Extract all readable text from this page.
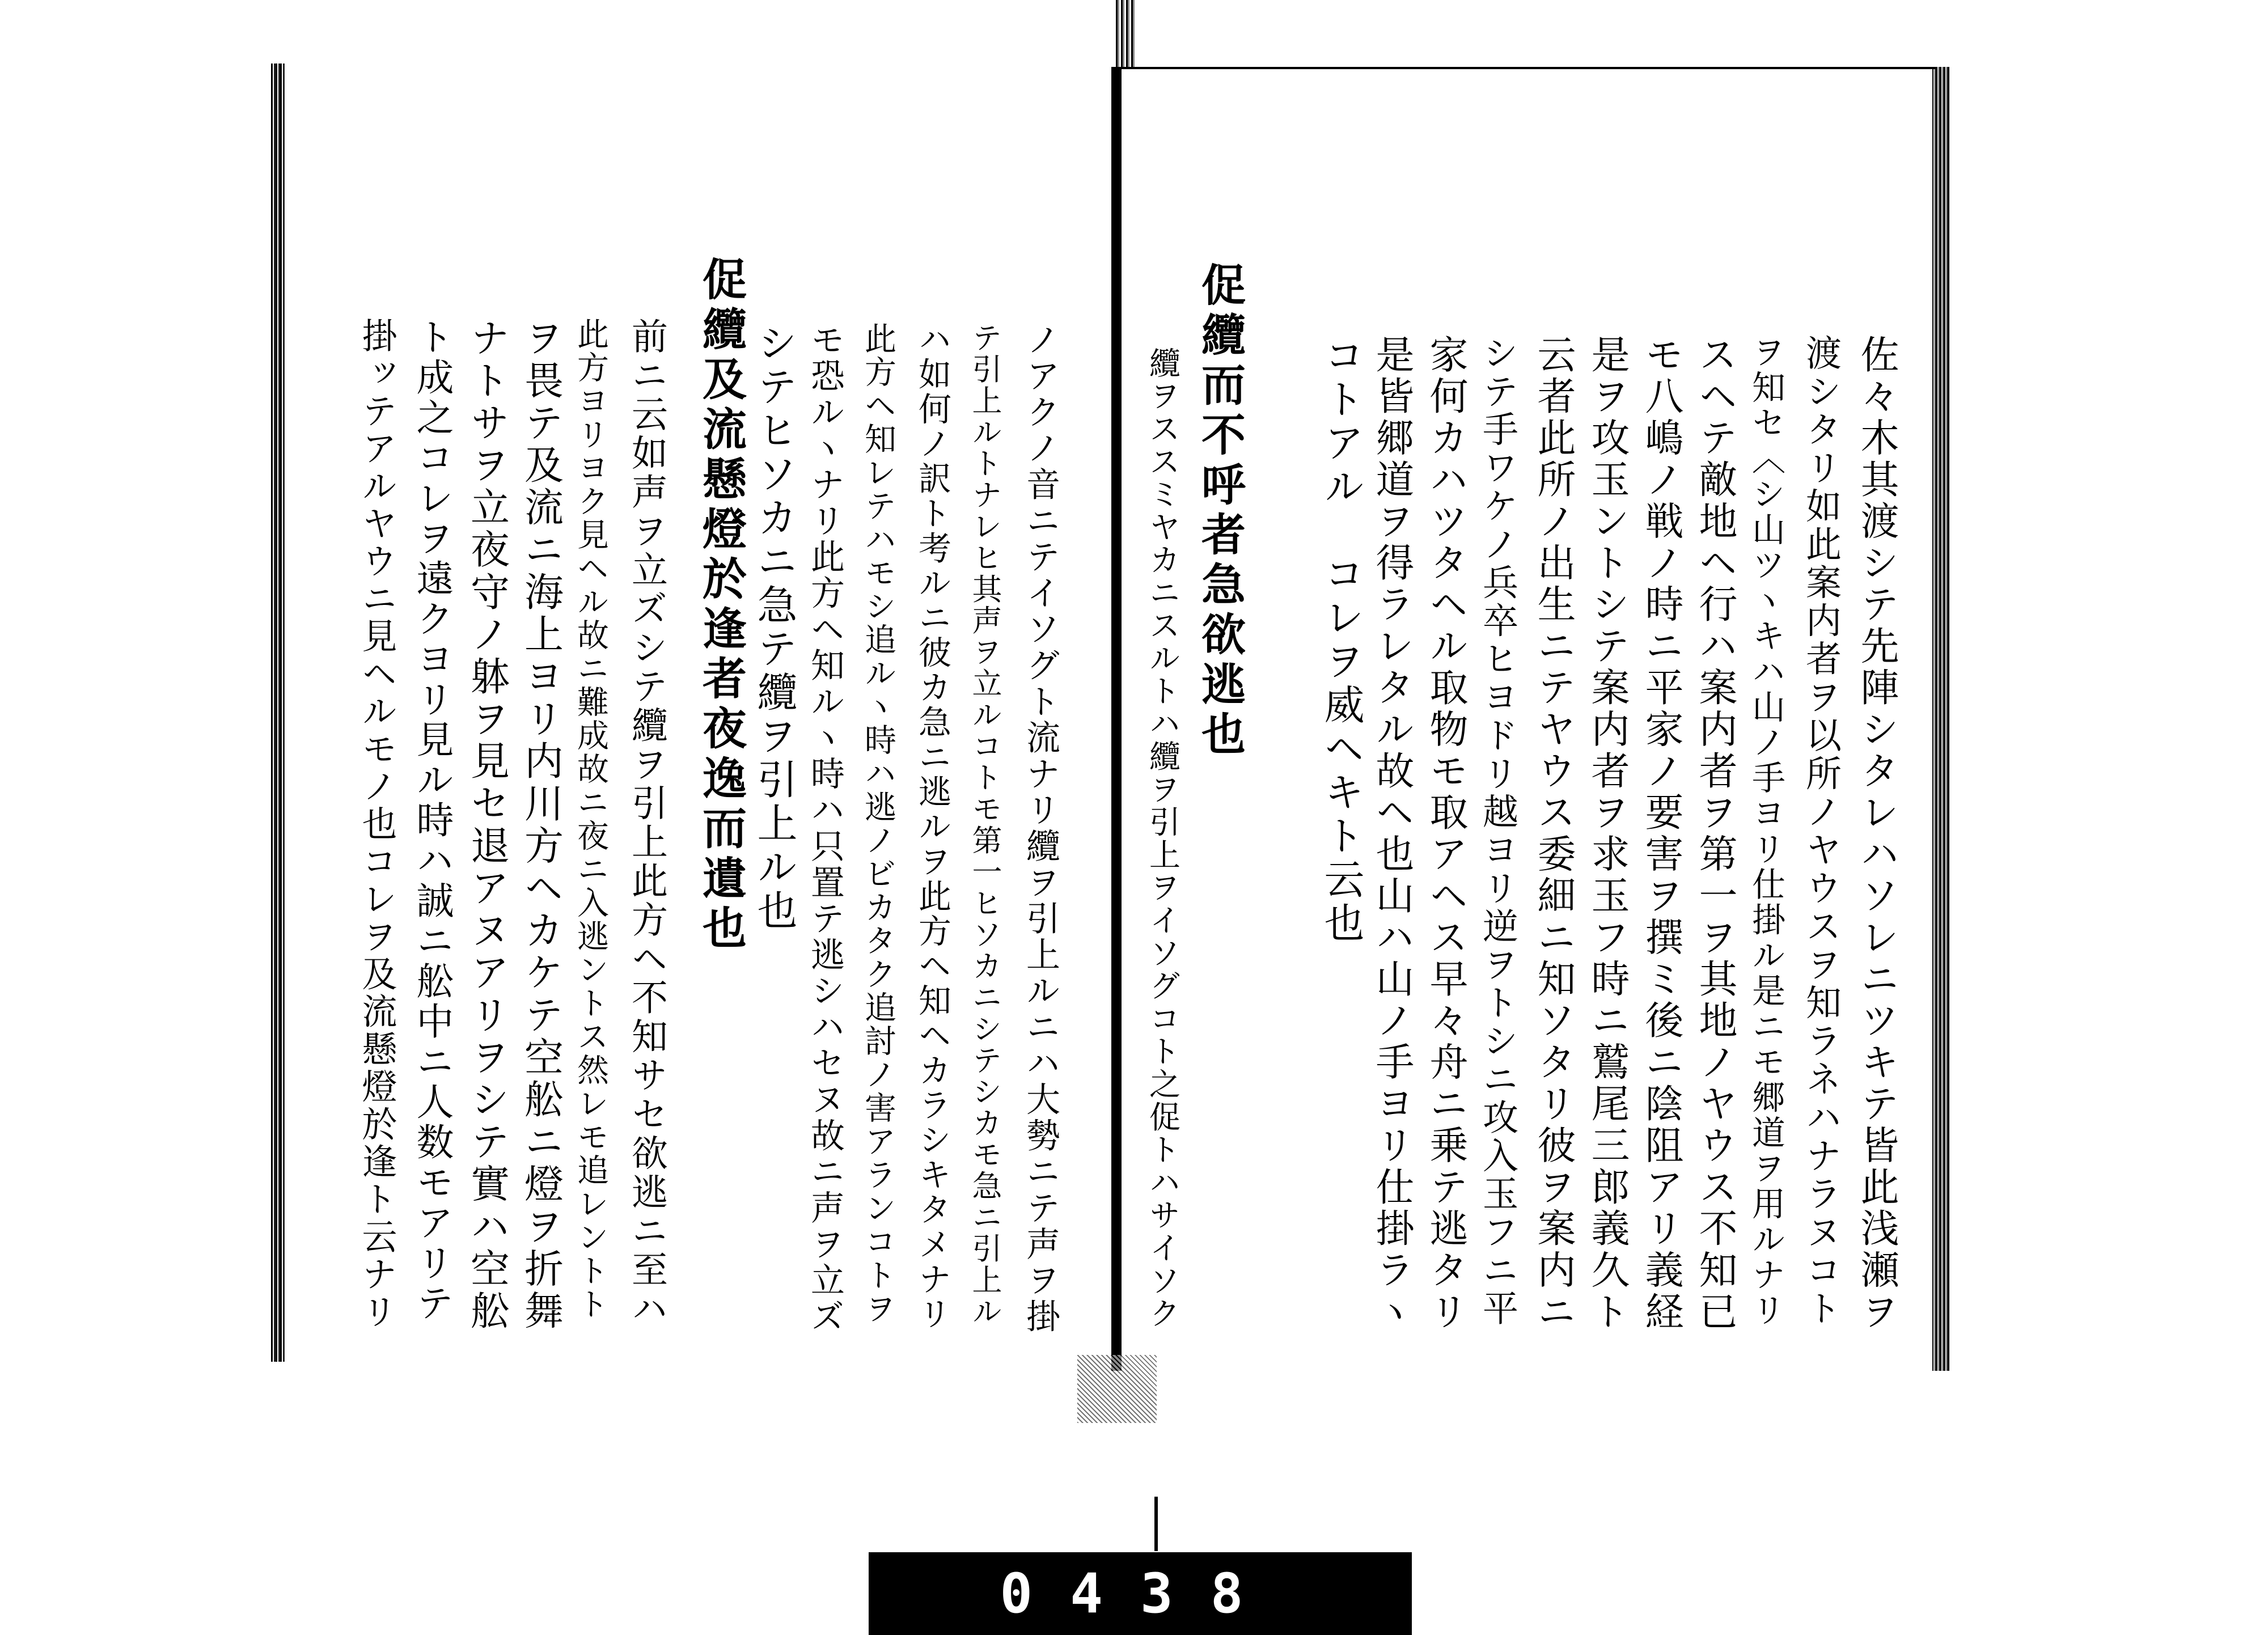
佐々木其渡シテ先陣シタレハソレニツキテ皆此浅瀬ヲ
渡シタリ如此案内者ヲ以所ノヤウスヲ知ラネハナラヌコト
ヲ知セ〈シ山ツヽキハ山ノ手ヨリ仕掛ル是ニモ郷道ヲ用ルナリ
スヘテ敵地ヘ行ハ案内者ヲ第一ヲ其地ノヤウス不知已
モ八嶋ノ戦ノ時ニ平家ノ要害ヲ撰ミ後ニ陰阻アリ義経
是ヲ攻玉ントシテ案内者ヲ求玉フ時ニ鷲尾三郎義久ト
云者此所ノ出生ニテヤウス委細ニ知ソタリ彼ヲ案内ニ
シテ手ワケノ兵卒ヒヨドリ越ヨリ逆ヲトシニ攻入玉フニ平
家何カハツタヘル取物モ取アヘス早々舟ニ乗テ逃タリ
是皆郷道ヲ得ラレタル故ヘ也山ハ山ノ手ヨリ仕掛ラヽ
コトアル　コレヲ威ヘキト云也
促纜而不呼者急欲逃也
纜ヲススミヤカニスルトハ纜ヲ引上ヲイソグコト之促トハサイソク
ノアクノ音ニテイソグト流ナリ纜ヲ引上ルニハ大勢ニテ声ヲ掛
テ引上ルトナレヒ其声ヲ立ルコトモ第一ヒソカニシテシカモ急ニ引上ル
ハ如何ノ訳ト考ルニ彼カ急ニ逃ルヲ此方ヘ知ヘカラシキタメナリ
此方ヘ知レテハモシ追ルヽ時ハ逃ノビカタク追討ノ害アランコトヲ
モ恐ルヽナリ此方ヘ知ルヽ時ハ只置テ逃シハセヌ故ニ声ヲ立ズ
シテヒソカニ急テ纜ヲ引上ル也
促纜及流懸燈於逢者夜逸而遺也
前ニ云如声ヲ立ズシテ纜ヲ引上此方ヘ不知サセ欲逃ニ至ハ
此方ヨリヨク見ヘル故ニ難成故ニ夜ニ入逃ントス然レモ追レントト
ヲ畏テ及流ニ海上ヨリ内川方ヘカケテ空舩ニ燈ヲ折舞
ナトサヲ立夜守ノ躰ヲ見セ退アヌアリヲシテ實ハ空舩
ト成之コレヲ遠クヨリ見ル時ハ誠ニ舩中ニ人数モアリテ
掛ッテアルヤウニ見ヘルモノ也コレヲ及流懸燈於逢ト云ナリ
0438
